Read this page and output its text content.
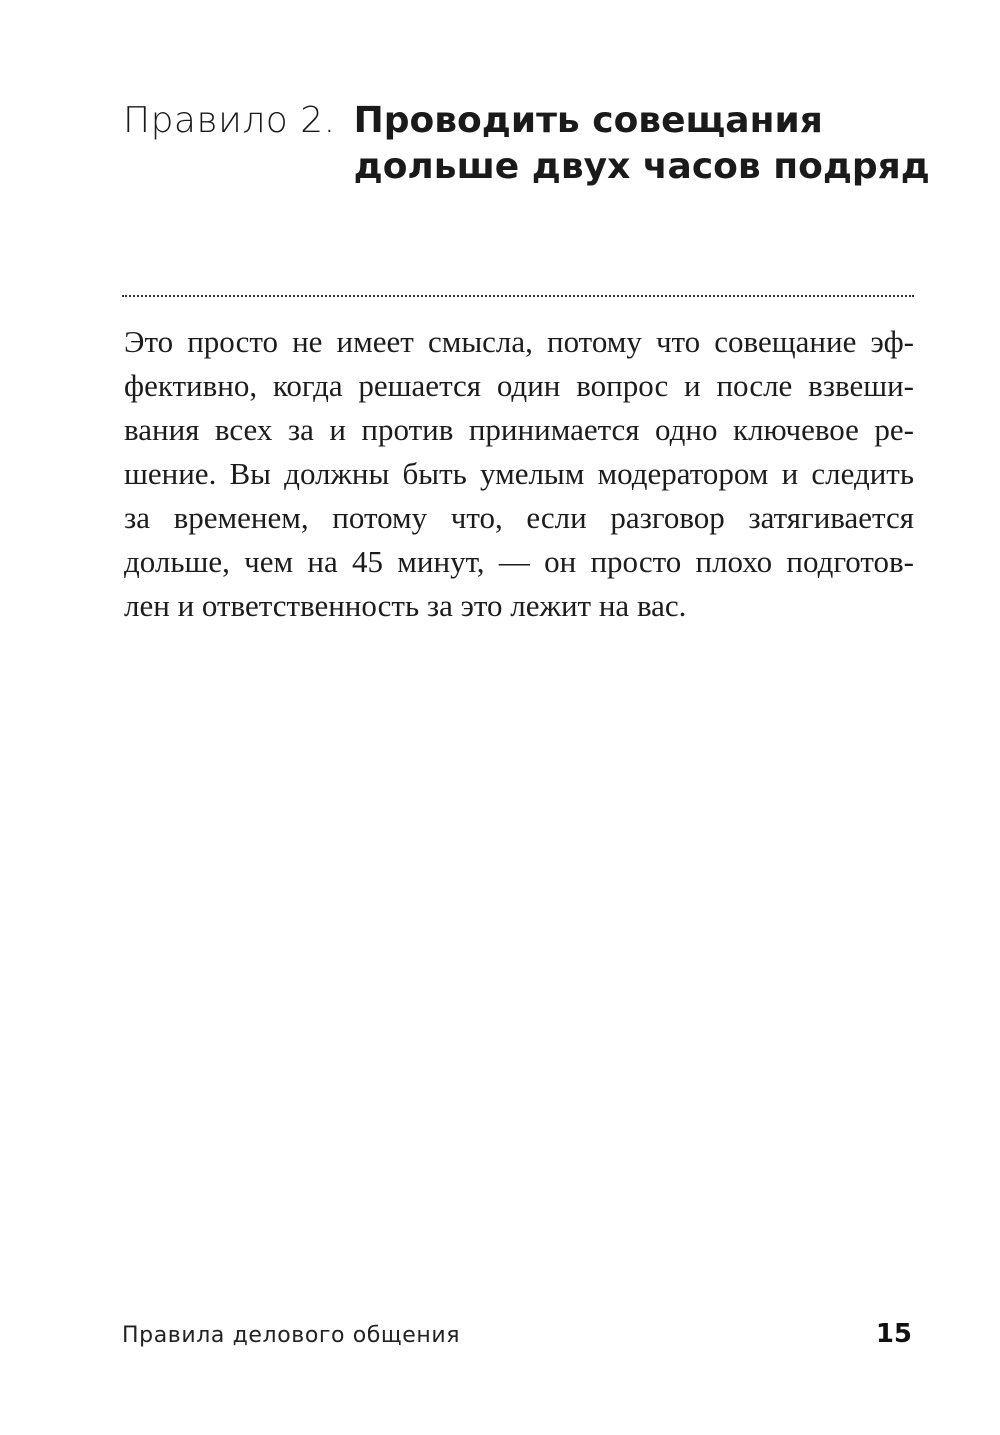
Правило 2. Проводить совещания
дольше двух часов подряд
Это просто не имеет смысла, потому что совещание эф-
фективно, когда решается один вопрос и после взвеши-
вания всех за и против принимается одно ключевое ре-
шение. Вы должны быть умелым модератором и следить
за временем, потому что, если разговор затягивается
дольше, чем на 45 минут, — он просто плохо подготов-
лен и ответственность за это лежит на вас.
Правила делового общения	15
